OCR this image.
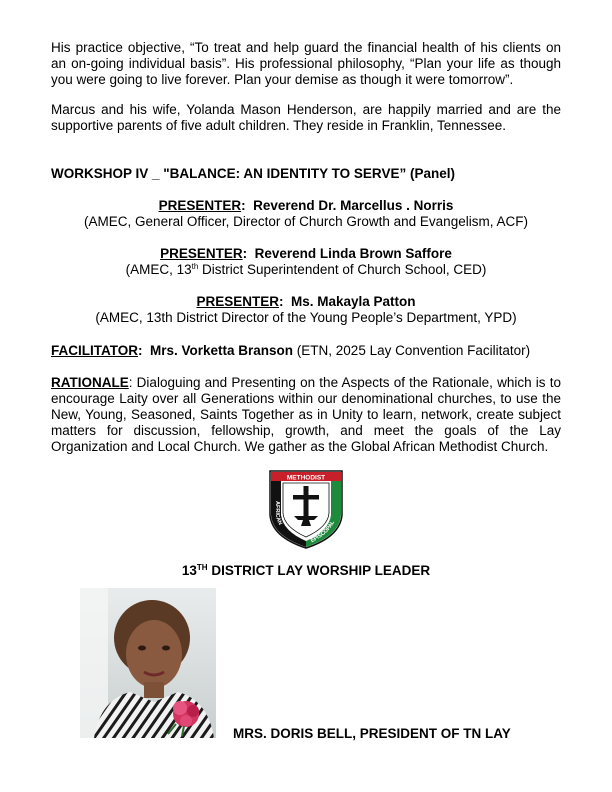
His practice objective, “To treat and help guard the financial health of his clients on an on-going individual basis”. His professional philosophy, “Plan your life as though you were going to live forever. Plan your demise as though it were tomorrow”.

Marcus and his wife, Yolanda Mason Henderson, are happily married and are the supportive parents of five adult children. They reside in Franklin, Tennessee.

WORKSHOP IV _ "BALANCE: AN IDENTITY TO SERVE” (Panel)

PRESENTER:  Reverend Dr. Marcellus . Norris

(AMEC, General Officer, Director of Church Growth and Evangelism, ACF)

PRESENTER:  Reverend Linda Brown Saffore

(AMEC, 13th District Superintendent of Church School, CED)

PRESENTER:  Ms. Makayla Patton

(AMEC, 13th District Director of the Young People’s Department, YPD)

FACILITATOR:  Mrs. Vorketta Branson (ETN, 2025 Lay Convention Facilitator)

RATIONALE: Dialoguing and Presenting on the Aspects of the Rationale, which is to encourage Laity over all Generations within our denominational churches, to use the New, Young, Seasoned, Saints Together as in Unity to learn, network, create subject matters for discussion, fellowship, growth, and meet the goals of the Lay Organization and Local Church. We gather as the Global African Methodist Church.

METHODIST
AFRICAN
EPISCOPAL

13TH DISTRICT LAY WORSHIP LEADER

MRS. DORIS BELL, PRESIDENT OF TN LAY
